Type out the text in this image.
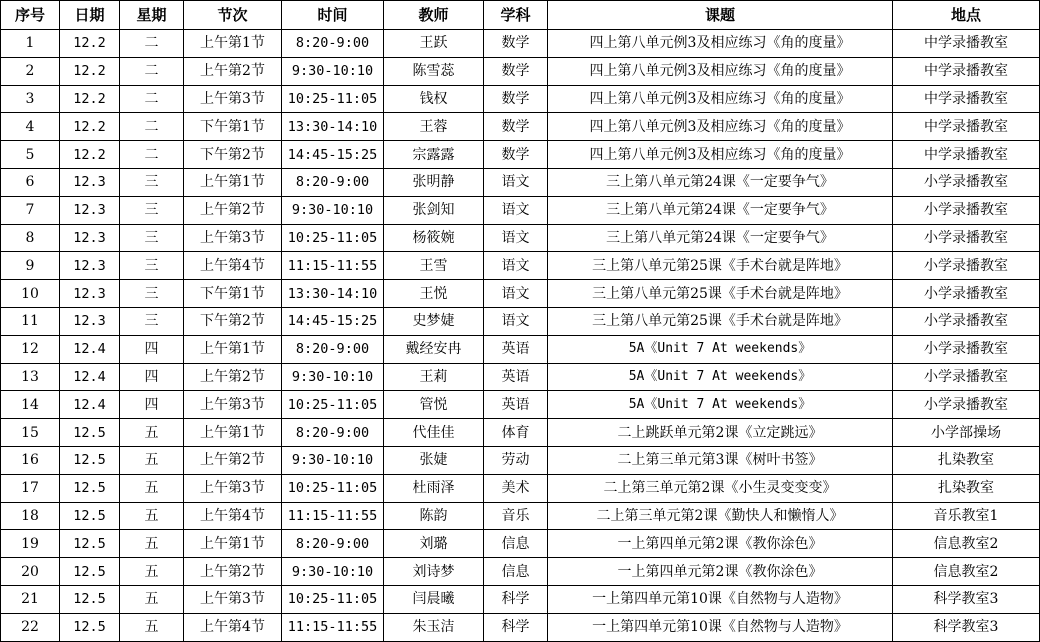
序号	日期	星期	节次	时间	教师	学科	课题	地点
1	12.2	二	上午第1节	8:20-9:00	王跃	数学	四上第八单元例3及相应练习《角的度量》	中学录播教室
2	12.2	二	上午第2节	9:30-10:10	陈雪蕊	数学	四上第八单元例3及相应练习《角的度量》	中学录播教室
3	12.2	二	上午第3节	10:25-11:05	钱权	数学	四上第八单元例3及相应练习《角的度量》	中学录播教室
4	12.2	二	下午第1节	13:30-14:10	王蓉	数学	四上第八单元例3及相应练习《角的度量》	中学录播教室
5	12.2	二	下午第2节	14:45-15:25	宗露露	数学	四上第八单元例3及相应练习《角的度量》	中学录播教室
6	12.3	三	上午第1节	8:20-9:00	张明静	语文	三上第八单元第24课《一定要争气》	小学录播教室
7	12.3	三	上午第2节	9:30-10:10	张剑知	语文	三上第八单元第24课《一定要争气》	小学录播教室
8	12.3	三	上午第3节	10:25-11:05	杨筱婉	语文	三上第八单元第24课《一定要争气》	小学录播教室
9	12.3	三	上午第4节	11:15-11:55	王雪	语文	三上第八单元第25课《手术台就是阵地》	小学录播教室
10	12.3	三	下午第1节	13:30-14:10	王悦	语文	三上第八单元第25课《手术台就是阵地》	小学录播教室
11	12.3	三	下午第2节	14:45-15:25	史梦婕	语文	三上第八单元第25课《手术台就是阵地》	小学录播教室
12	12.4	四	上午第1节	8:20-9:00	戴经安冉	英语	5A《Unit 7 At weekends》	小学录播教室
13	12.4	四	上午第2节	9:30-10:10	王莉	英语	5A《Unit 7 At weekends》	小学录播教室
14	12.4	四	上午第3节	10:25-11:05	管悦	英语	5A《Unit 7 At weekends》	小学录播教室
15	12.5	五	上午第1节	8:20-9:00	代佳佳	体育	二上跳跃单元第2课《立定跳远》	小学部操场
16	12.5	五	上午第2节	9:30-10:10	张婕	劳动	二上第三单元第3课《树叶书签》	扎染教室
17	12.5	五	上午第3节	10:25-11:05	杜雨泽	美术	二上第三单元第2课《小生灵变变变》	扎染教室
18	12.5	五	上午第4节	11:15-11:55	陈韵	音乐	二上第三单元第2课《勤快人和懒惰人》	音乐教室1
19	12.5	五	上午第1节	8:20-9:00	刘璐	信息	一上第四单元第2课《教你涂色》	信息教室2
20	12.5	五	上午第2节	9:30-10:10	刘诗梦	信息	一上第四单元第2课《教你涂色》	信息教室2
21	12.5	五	上午第3节	10:25-11:05	闫晨曦	科学	一上第四单元第10课《自然物与人造物》	科学教室3
22	12.5	五	上午第4节	11:15-11:55	朱玉洁	科学	一上第四单元第10课《自然物与人造物》	科学教室3
